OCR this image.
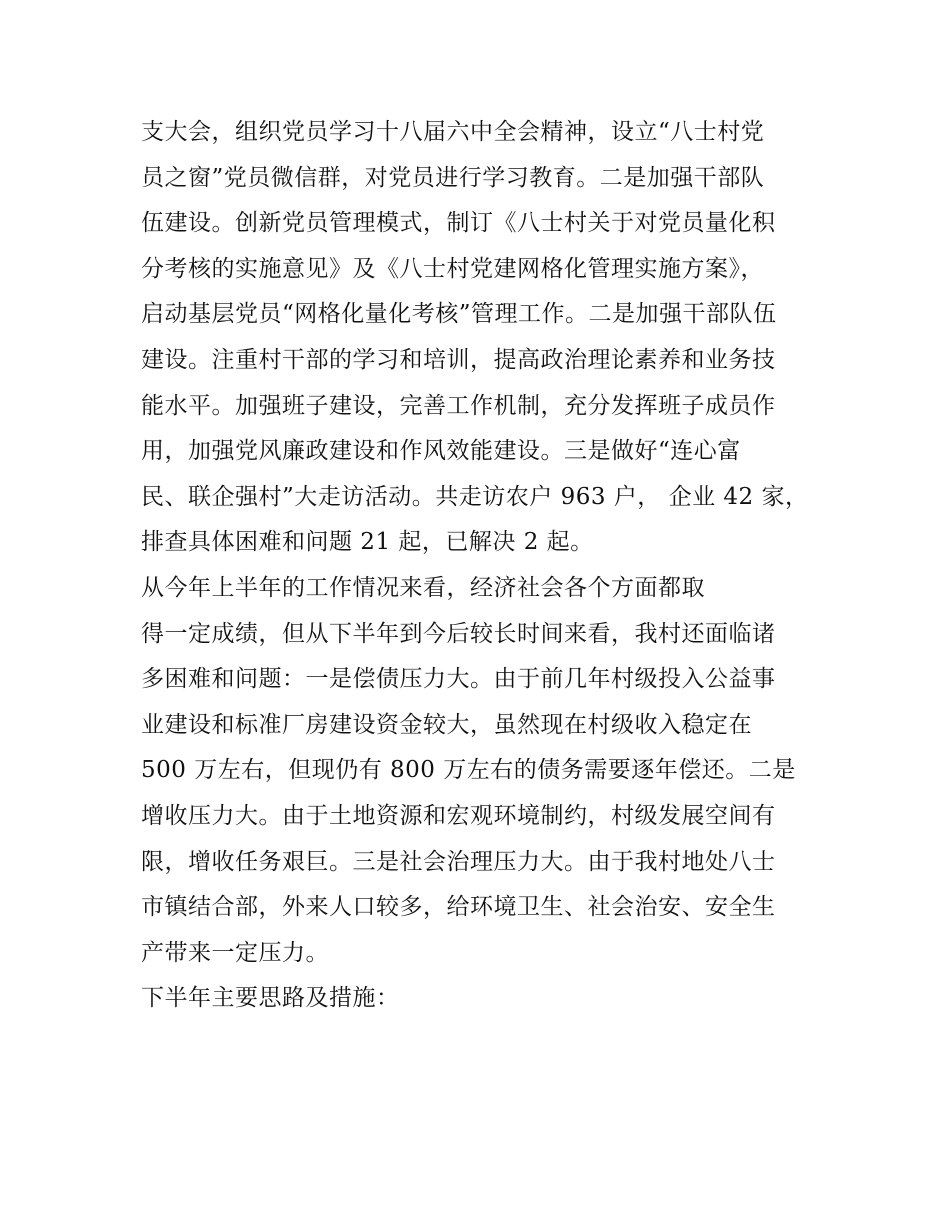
支大会，组织党员学习十八届六中全会精神，设立“八士村党
员之窗”党员微信群，对党员进行学习教育。二是加强干部队
伍建设。创新党员管理模式，制订《八士村关于对党员量化积
分考核的实施意见》及《八士村党建网格化管理实施方案》，
启动基层党员“网格化量化考核”管理工作。二是加强干部队伍
建设。注重村干部的学习和培训，提高政治理论素养和业务技
能水平。加强班子建设，完善工作机制，充分发挥班子成员作
用，加强党风廉政建设和作风效能建设。三是做好“连心富
民、联企强村”大走访活动。共走访农户 963 户， 企业 42 家，
排查具体困难和问题 21 起，已解决 2 起。
从今年上半年的工作情况来看，经济社会各个方面都取
得一定成绩，但从下半年到今后较长时间来看，我村还面临诸
多困难和问题：一是偿债压力大。由于前几年村级投入公益事
业建设和标准厂房建设资金较大，虽然现在村级收入稳定在
500 万左右，但现仍有 800 万左右的债务需要逐年偿还。二是
增收压力大。由于土地资源和宏观环境制约，村级发展空间有
限，增收任务艰巨。三是社会治理压力大。由于我村地处八士
市镇结合部，外来人口较多，给环境卫生、社会治安、安全生
产带来一定压力。
下半年主要思路及措施：
